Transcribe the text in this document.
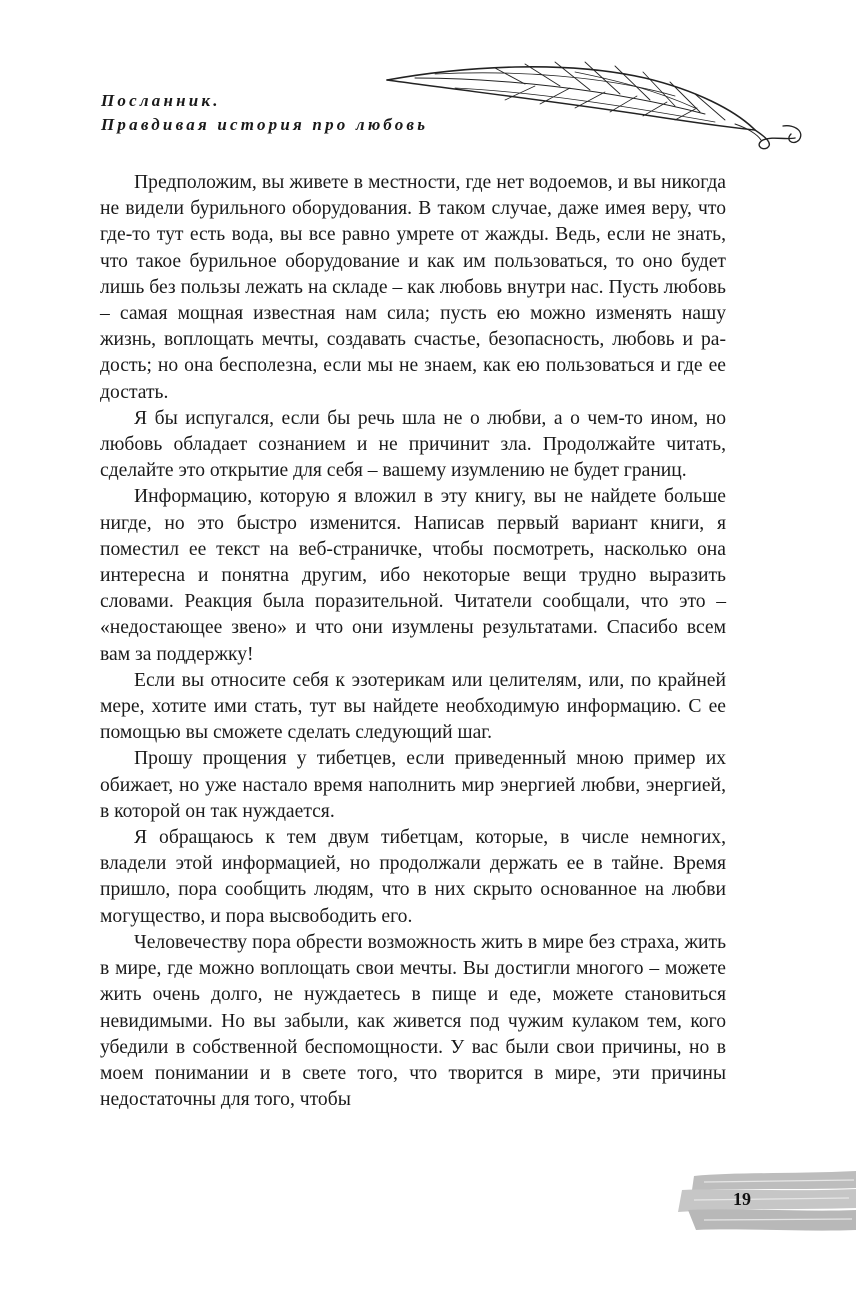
Посланник.
Правдивая история про любовь

Предположим, вы живете в местности, где нет водоемов, и вы никогда не видели бурильного оборудования. В таком случае, даже имея веру, что где-то тут есть вода, вы все равно умрете от жажды. Ведь, если не знать, что такое бурильное оборудование и как им пользоваться, то оно будет лишь без пользы лежать на складе – как любовь внутри нас. Пусть любовь – самая мощная известная нам сила; пусть ею можно изменять нашу жизнь, воплощать мечты, создавать счастье, безопасность, любовь и радость; но она бесполезна, если мы не знаем, как ею пользоваться и где ее достать.

Я бы испугался, если бы речь шла не о любви, а о чем-то ином, но любовь обладает сознанием и не причинит зла. Продолжайте читать, сделайте это открытие для себя – вашему изумлению не будет границ.

Информацию, которую я вложил в эту книгу, вы не найдете больше нигде, но это быстро изменится. Написав первый вариант книги, я поместил ее текст на веб-страничке, чтобы посмотреть, насколько она интересна и понятна другим, ибо некоторые вещи трудно выразить словами. Реакция была поразительной. Читатели сообщали, что это – «недостающее звено» и что они изумлены результатами. Спасибо всем вам за поддержку!

Если вы относите себя к эзотерикам или целителям, или, по крайней мере, хотите ими стать, тут вы найдете необходимую информацию. С ее помощью вы сможете сделать следующий шаг.

Прошу прощения у тибетцев, если приведенный мною пример их обижает, но уже настало время наполнить мир энергией любви, энергией, в которой он так нуждается.

Я обращаюсь к тем двум тибетцам, которые, в числе немногих, владели этой информацией, но продолжали держать ее в тайне. Время пришло, пора сообщить людям, что в них скрыто основанное на любви могущество, и пора высвободить его.

Человечеству пора обрести возможность жить в мире без страха, жить в мире, где можно воплощать свои мечты. Вы достигли многого – можете жить очень долго, не нуждаетесь в пище и еде, можете становиться невидимыми. Но вы забыли, как живется под чужим кулаком тем, кого убедили в собственной беспомощности. У вас были свои причины, но в моем понимании и в свете того, что творится в мире, эти причины недостаточны для того, чтобы

19
